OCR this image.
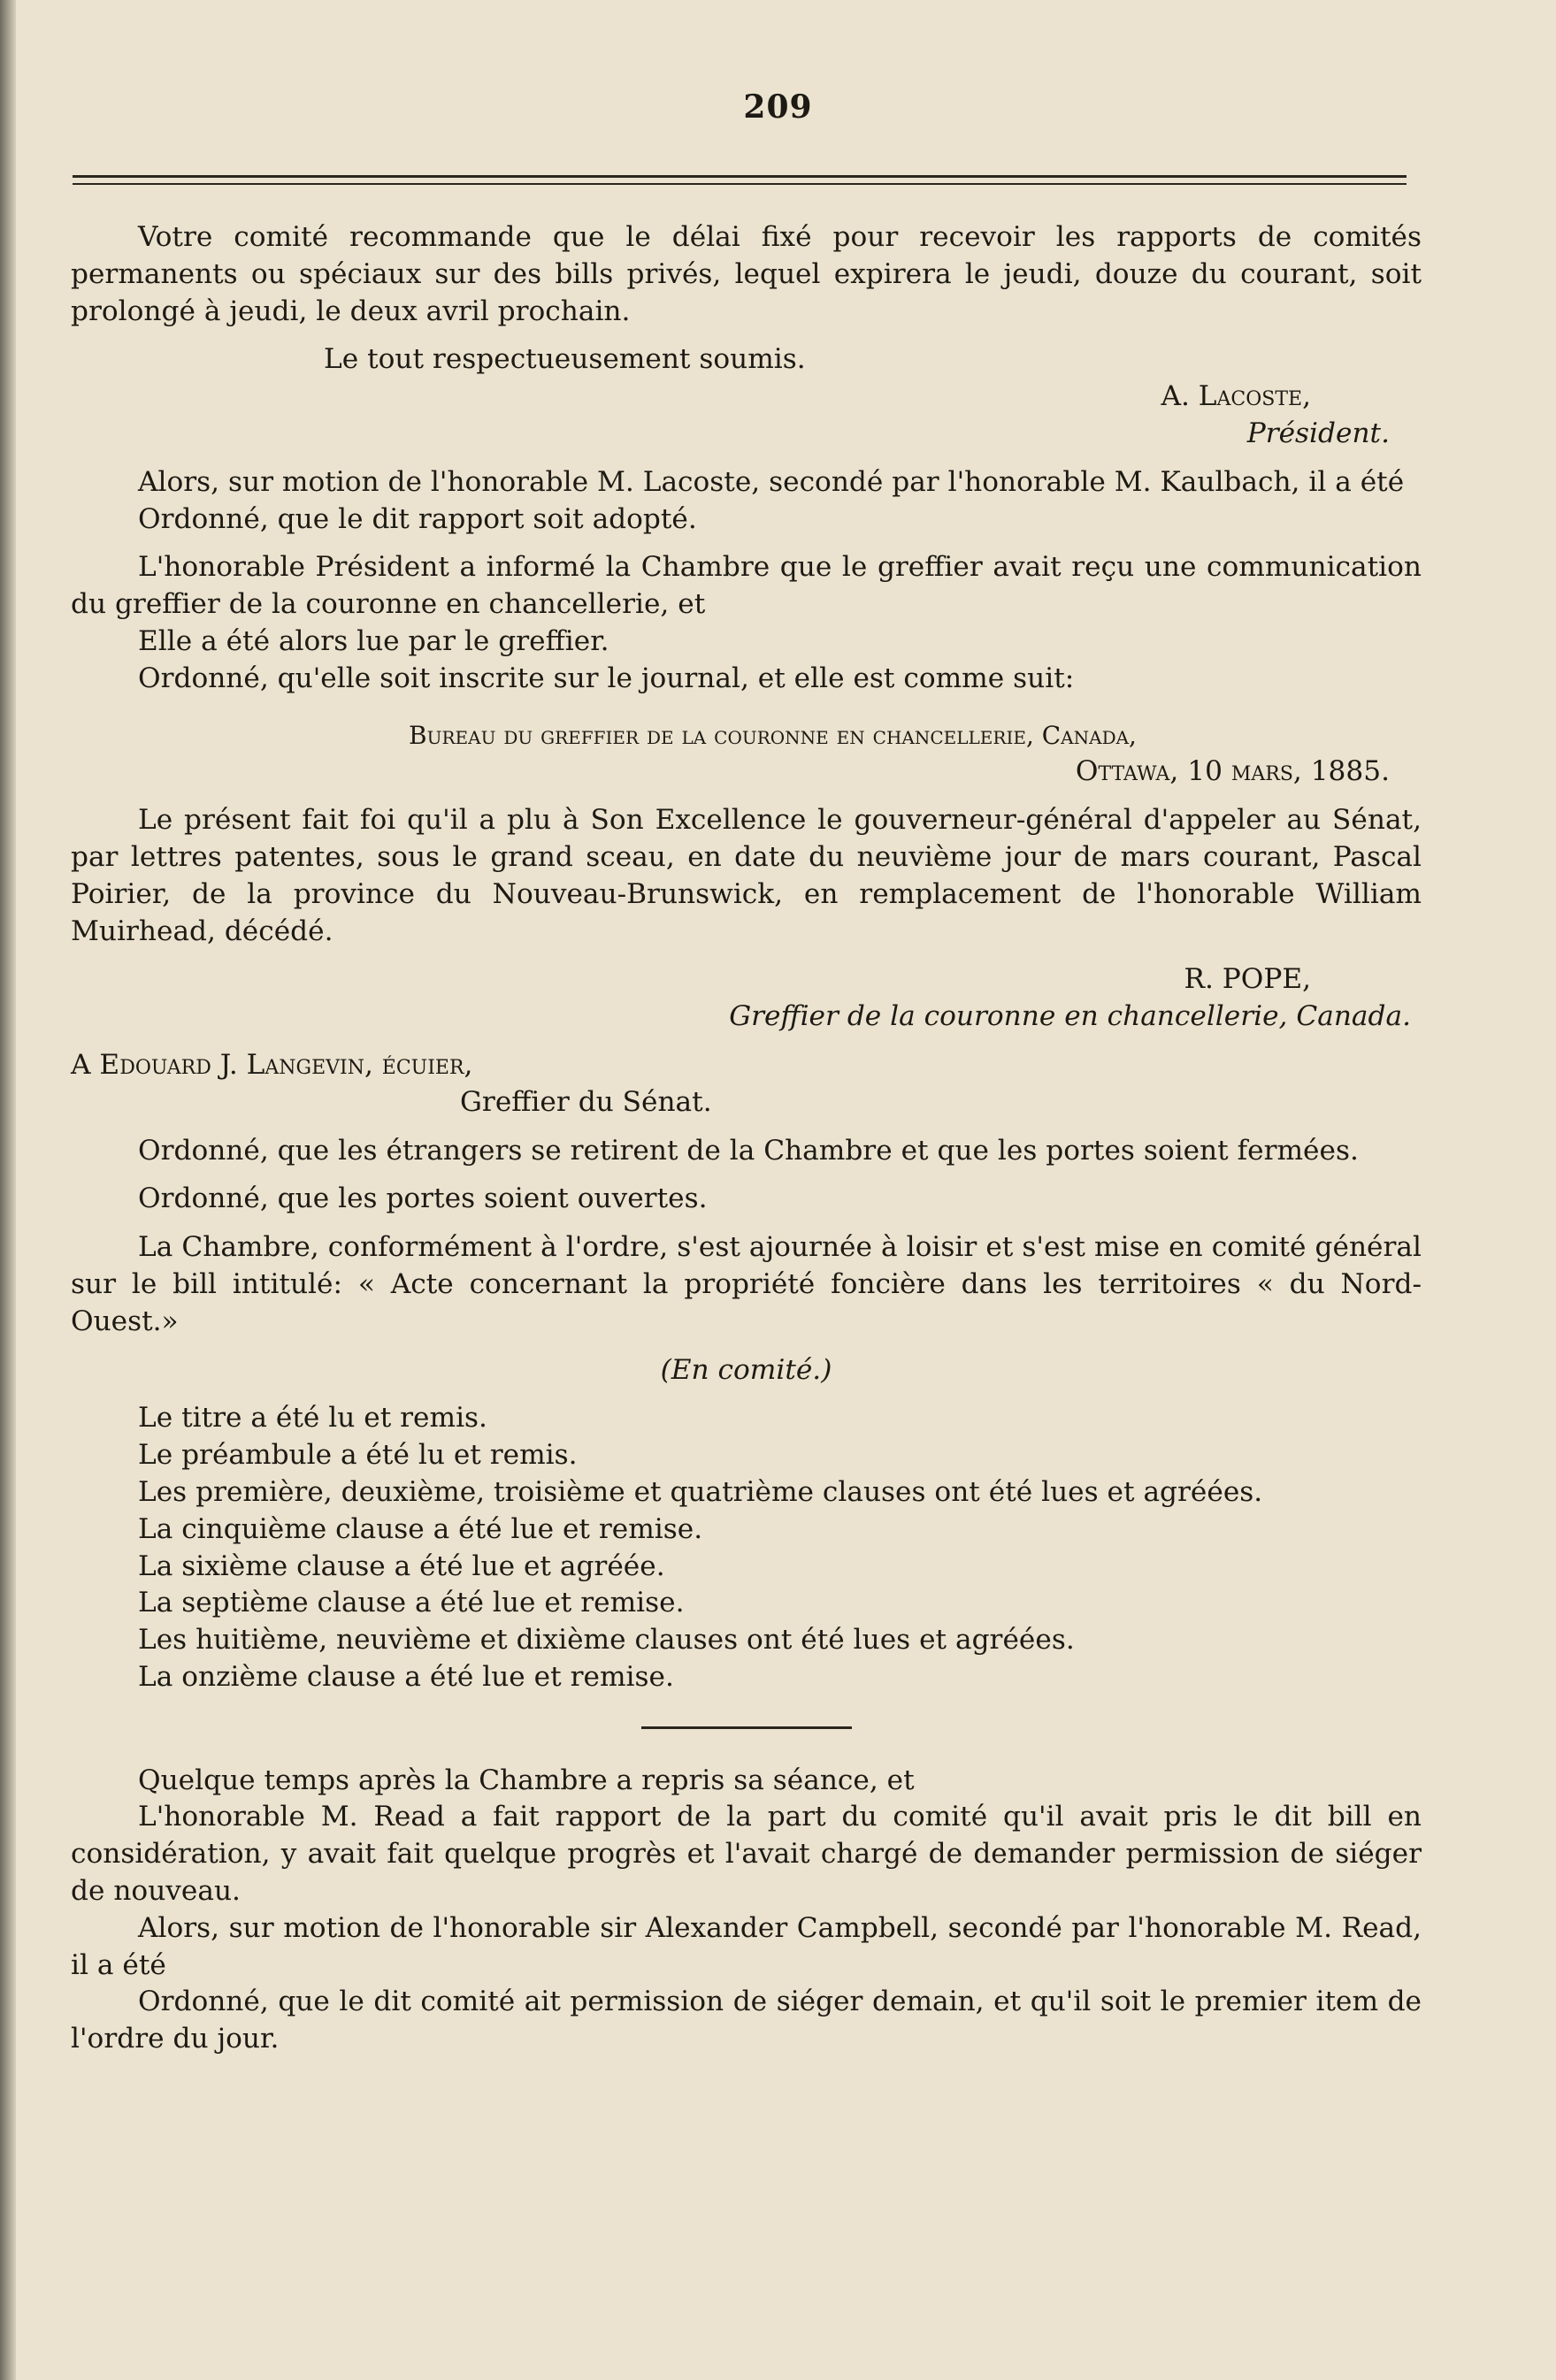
209

Votre comité recommande que le délai fixé pour recevoir les rapports de comités permanents ou spéciaux sur des bills privés, lequel expirera le jeudi, douze du courant, soit prolongé à jeudi, le deux avril prochain.

Le tout respectueusement soumis.

A. Lacoste,

Président.

Alors, sur motion de l'honorable M. Lacoste, secondé par l'honorable M. Kaulbach, il a été

Ordonné, que le dit rapport soit adopté.

L'honorable Président a informé la Chambre que le greffier avait reçu une communication du greffier de la couronne en chancellerie, et

Elle a été alors lue par le greffier.

Ordonné, qu'elle soit inscrite sur le journal, et elle est comme suit:

Bureau du greffier de la couronne en chancellerie, Canada,

Ottawa, 10 mars, 1885.

Le présent fait foi qu'il a plu à Son Excellence le gouverneur-général d'appeler au Sénat, par lettres patentes, sous le grand sceau, en date du neuvième jour de mars courant, Pascal Poirier, de la province du Nouveau-Brunswick, en remplacement de l'honorable William Muirhead, décédé.

R. POPE,

Greffier de la couronne en chancellerie, Canada.

A Edouard J. Langevin, écuier,

Greffier du Sénat.

Ordonné, que les étrangers se retirent de la Chambre et que les portes soient fermées.

Ordonné, que les portes soient ouvertes.

La Chambre, conformément à l'ordre, s'est ajournée à loisir et s'est mise en comité général sur le bill intitulé: « Acte concernant la propriété foncière dans les territoires « du Nord-Ouest.»

(En comité.)

Le titre a été lu et remis.

Le préambule a été lu et remis.

Les première, deuxième, troisième et quatrième clauses ont été lues et agréées.

La cinquième clause a été lue et remise.

La sixième clause a été lue et agréée.

La septième clause a été lue et remise.

Les huitième, neuvième et dixième clauses ont été lues et agréées.

La onzième clause a été lue et remise.

Quelque temps après la Chambre a repris sa séance, et

L'honorable M. Read a fait rapport de la part du comité qu'il avait pris le dit bill en considération, y avait fait quelque progrès et l'avait chargé de demander permission de siéger de nouveau.

Alors, sur motion de l'honorable sir Alexander Campbell, secondé par l'honorable M. Read, il a été

Ordonné, que le dit comité ait permission de siéger demain, et qu'il soit le premier item de l'ordre du jour.
